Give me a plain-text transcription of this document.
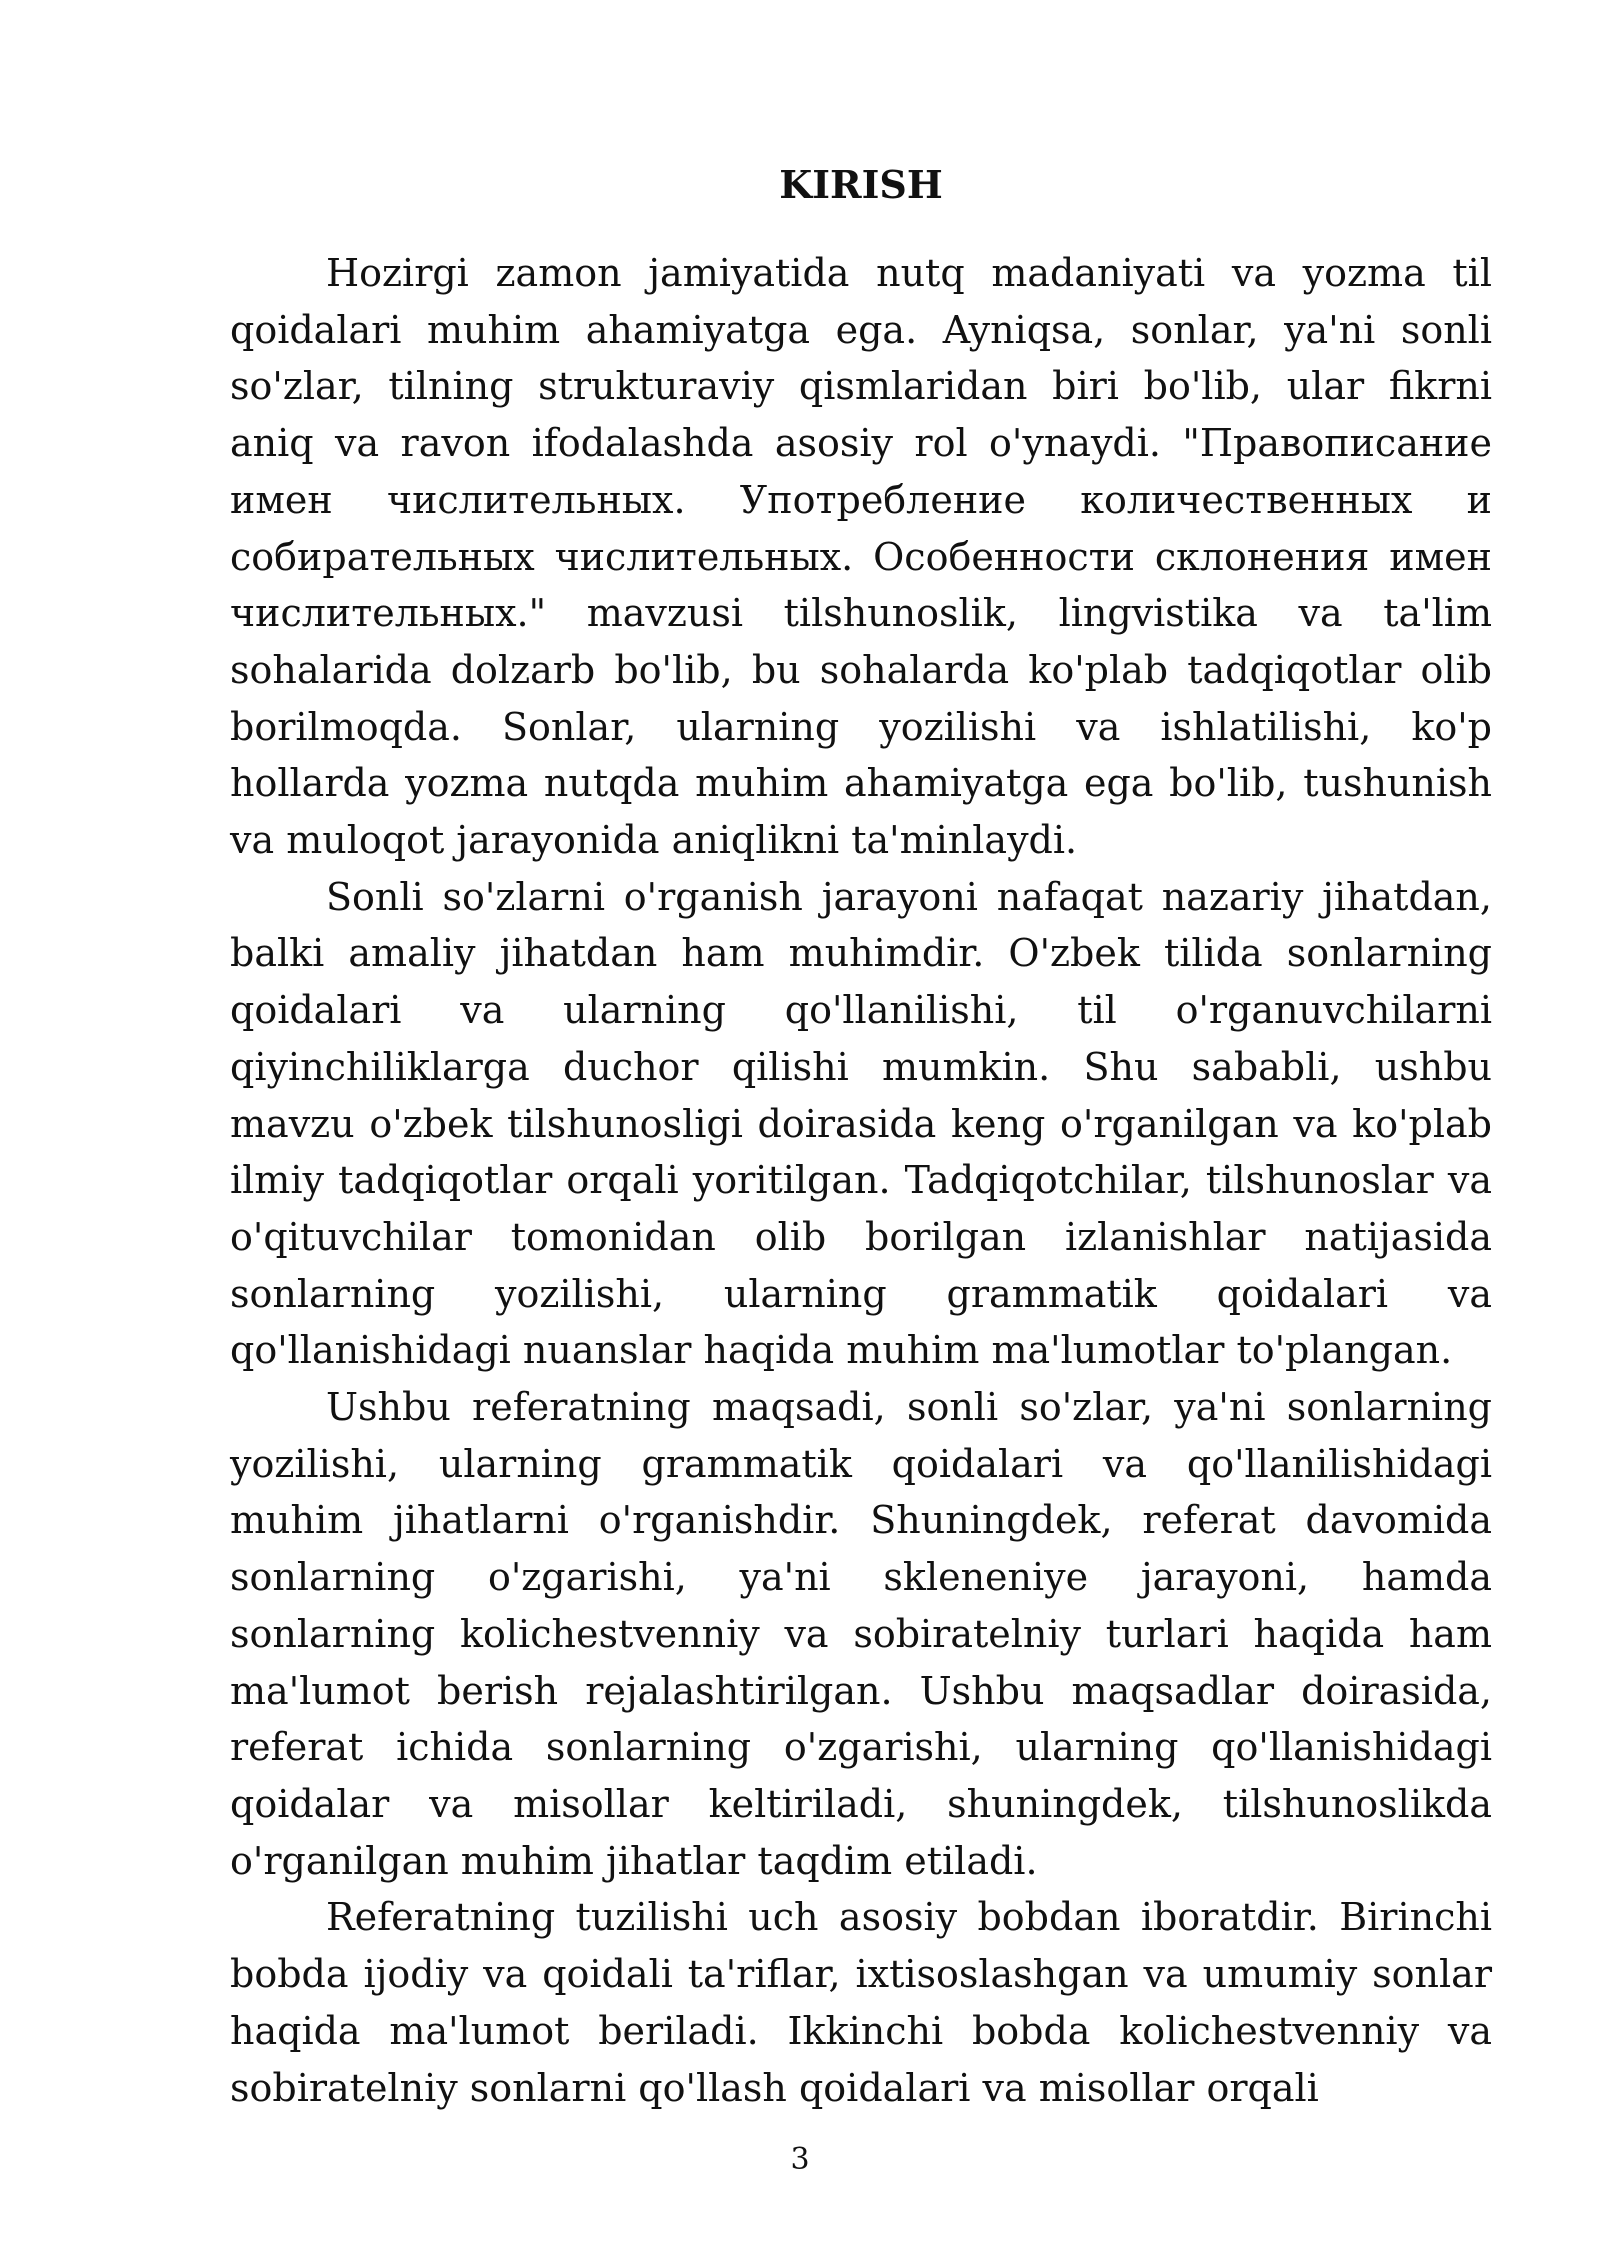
KIRISH

Hozirgi zamon jamiyatida nutq madaniyati va yozma til qoidalari muhim ahamiyatga ega. Ayniqsa, sonlar, ya'ni sonli so'zlar, tilning strukturaviy qismlaridan biri bo'lib, ular fikrni aniq va ravon ifodalashda asosiy rol o'ynaydi. "Правописание имен числительных. Употребление количественных и собирательных числительных. Особенности склонения имен числительных." mavzusi tilshunoslik, lingvistika va ta'lim sohalarida dolzarb bo'lib, bu sohalarda ko'plab tadqiqotlar olib borilmoqda. Sonlar, ularning yozilishi va ishlatilishi, ko'p hollarda yozma nutqda muhim ahamiyatga ega bo'lib, tushunish va muloqot jarayonida aniqlikni ta'minlaydi.

Sonli so'zlarni o'rganish jarayoni nafaqat nazariy jihatdan, balki amaliy jihatdan ham muhimdir. O'zbek tilida sonlarning qoidalari va ularning qo'llanilishi, til o'rganuvchilarni qiyinchiliklarga duchor qilishi mumkin. Shu sababli, ushbu mavzu o'zbek tilshunosligi doirasida keng o'rganilgan va ko'plab ilmiy tadqiqotlar orqali yoritilgan. Tadqiqotchilar, tilshunoslar va o'qituvchilar tomonidan olib borilgan izlanishlar natijasida sonlarning yozilishi, ularning grammatik qoidalari va qo'llanishidagi nuanslar haqida muhim ma'lumotlar to'plangan.

Ushbu referatning maqsadi, sonli so'zlar, ya'ni sonlarning yozilishi, ularning grammatik qoidalari va qo'llanilishidagi muhim jihatlarni o'rganishdir. Shuningdek, referat davomida sonlarning o'zgarishi, ya'ni skleneniye jarayoni, hamda sonlarning kolichestvenniy va sobiratelniy turlari haqida ham ma'lumot berish rejalashtirilgan. Ushbu maqsadlar doirasida, referat ichida sonlarning o'zgarishi, ularning qo'llanishidagi qoidalar va misollar keltiriladi, shuningdek, tilshunoslikda o'rganilgan muhim jihatlar taqdim etiladi.

Referatning tuzilishi uch asosiy bobdan iboratdir. Birinchi bobda ijodiy va qoidali ta'riflar, ixtisoslashgan va umumiy sonlar haqida ma'lumot beriladi. Ikkinchi bobda kolichestvenniy va sobiratelniy sonlarni qo'llash qoidalari va misollar orqali

3
